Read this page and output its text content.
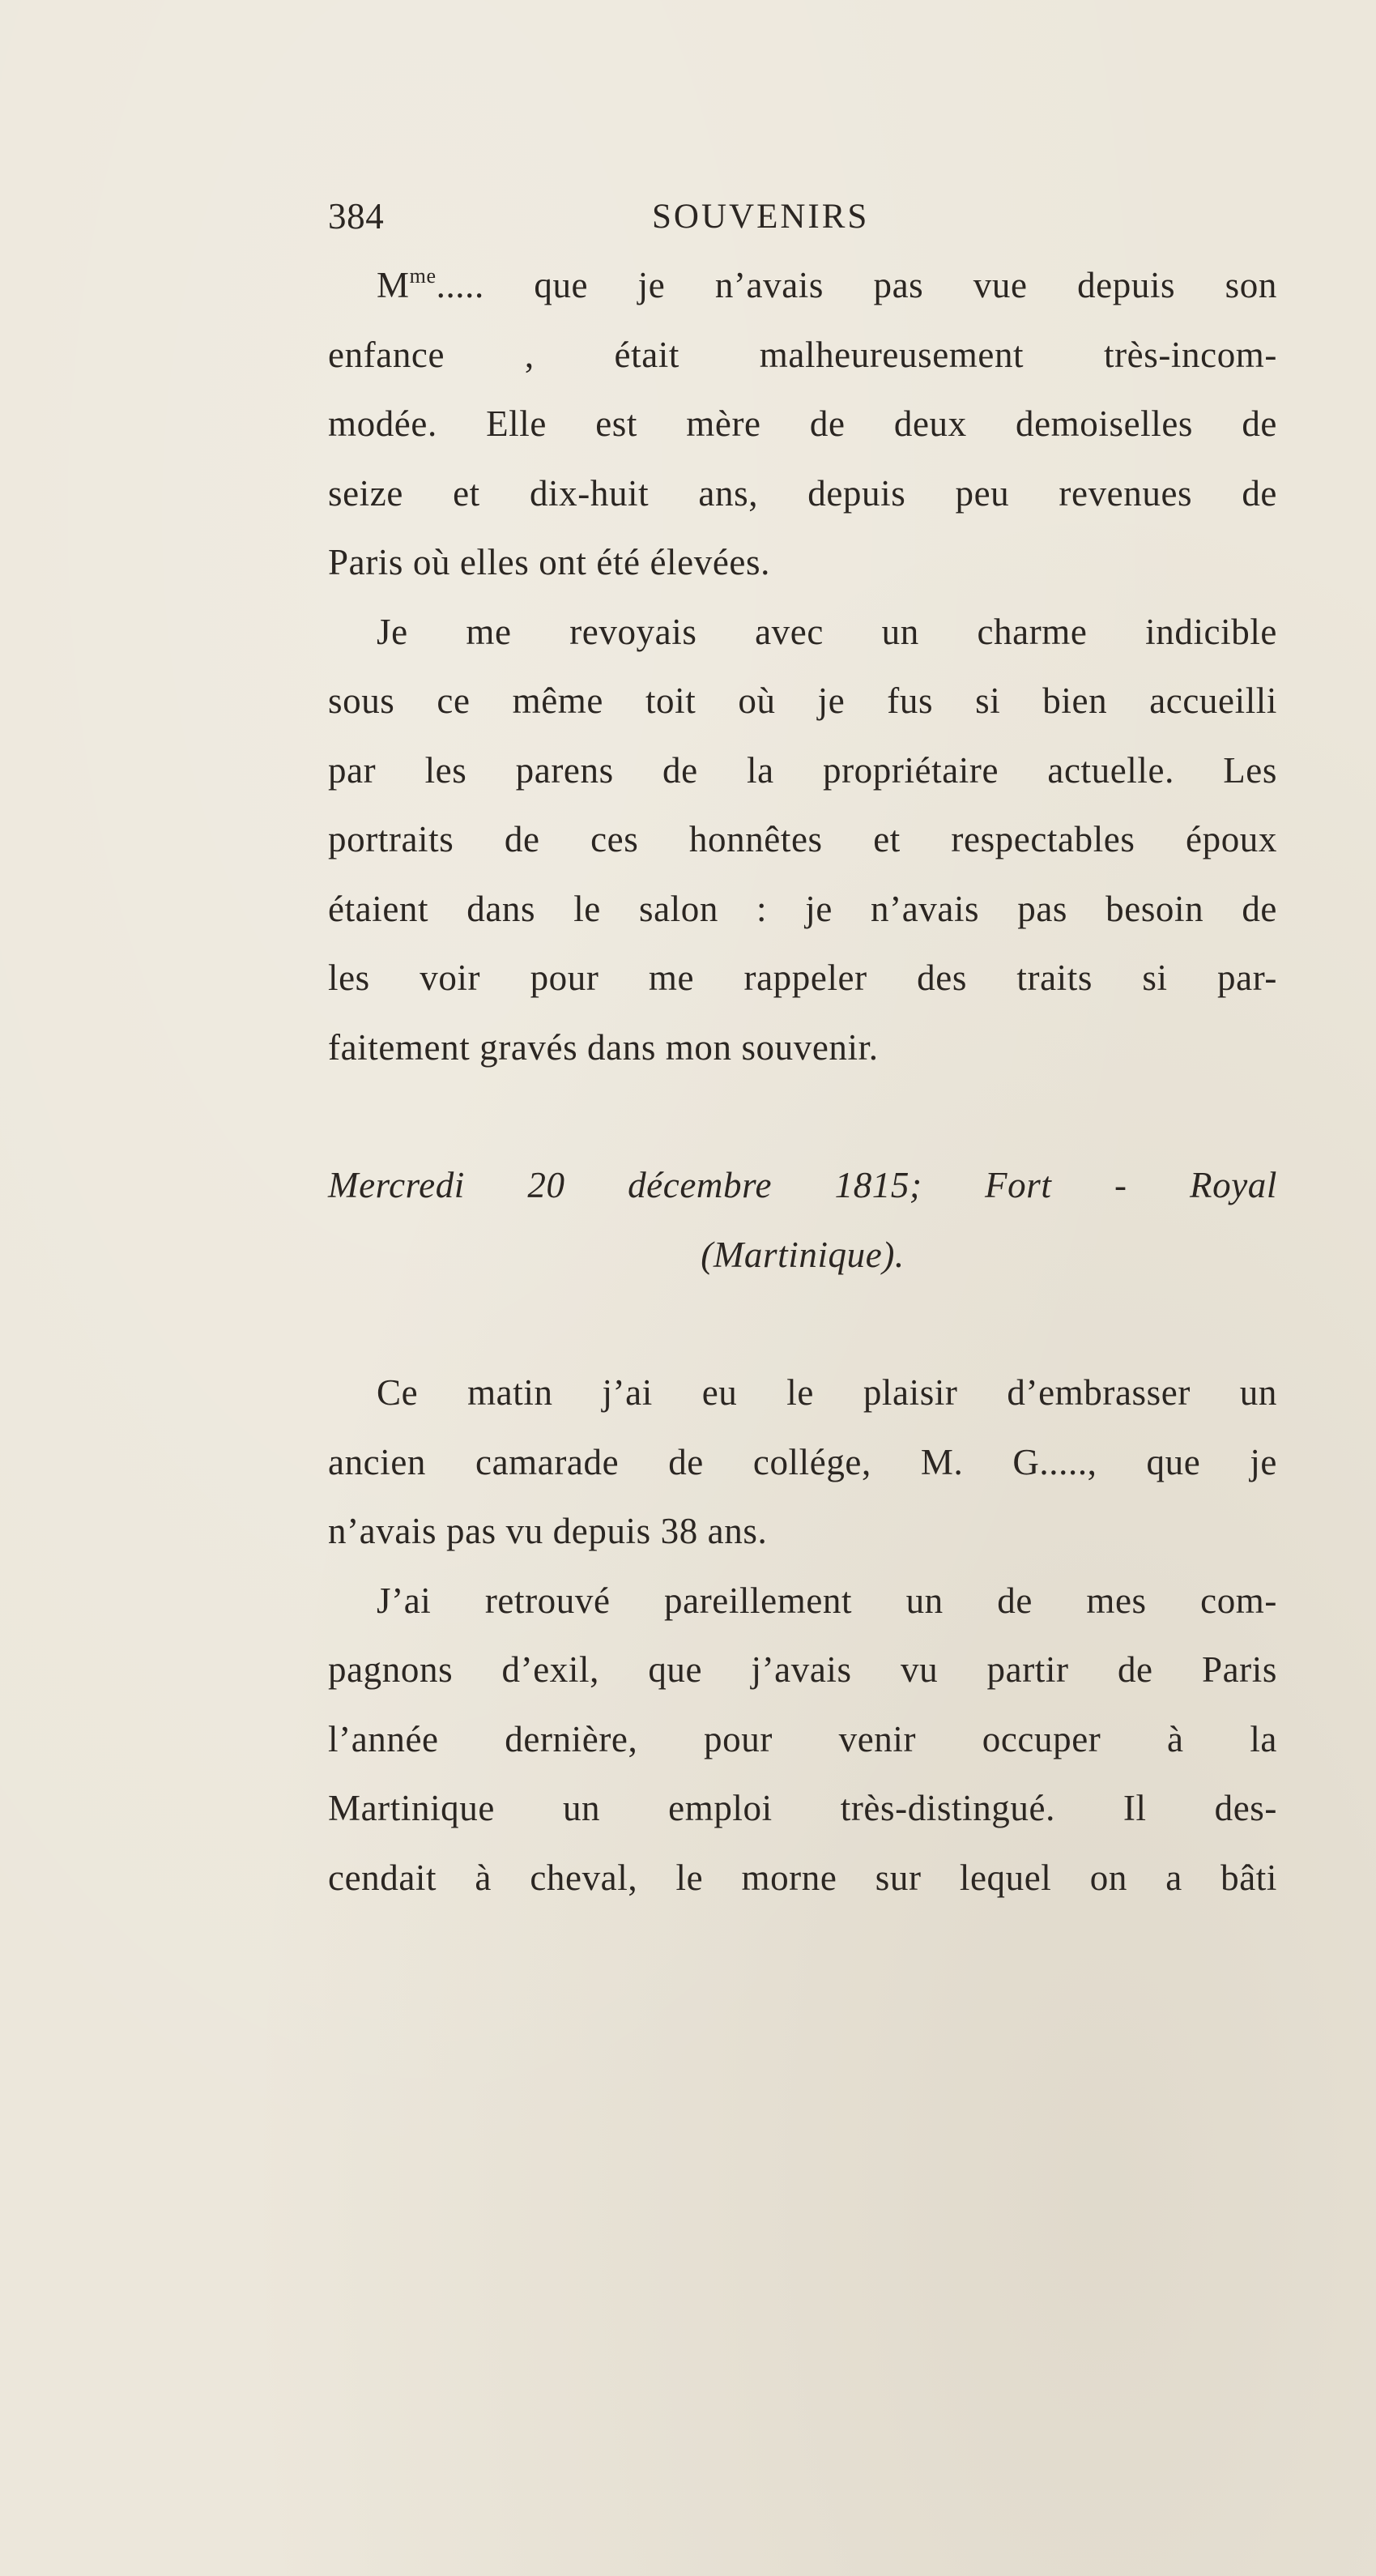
384	SOUVENIRS
$M^{me}$..... que je n’avais pas vue depuis son
enfance , était malheureusement très-incom-
modée. Elle est mère de deux demoiselles de
seize et dix-huit ans, depuis peu revenues de
Paris où elles ont été élevées.
Je me revoyais avec un charme indicible
sous ce même toit où je fus si bien accueilli
par les parens de la propriétaire actuelle. Les
portraits de ces honnêtes et respectables époux
étaient dans le salon : je n’avais pas besoin de
les voir pour me rappeler des traits si par-
faitement gravés dans mon souvenir.
Mercredi 20 décembre 1815; Fort - Royal
(Martinique).
Ce matin j’ai eu le plaisir d’embrasser un
ancien camarade de collége, M. G....., que je
n’avais pas vu depuis 38 ans.
J’ai retrouvé pareillement un de mes com-
pagnons d’exil, que j’avais vu partir de Paris
l’année dernière, pour venir occuper à la
Martinique un emploi très-distingué. Il des-
cendait à cheval, le morne sur lequel on a bâti
